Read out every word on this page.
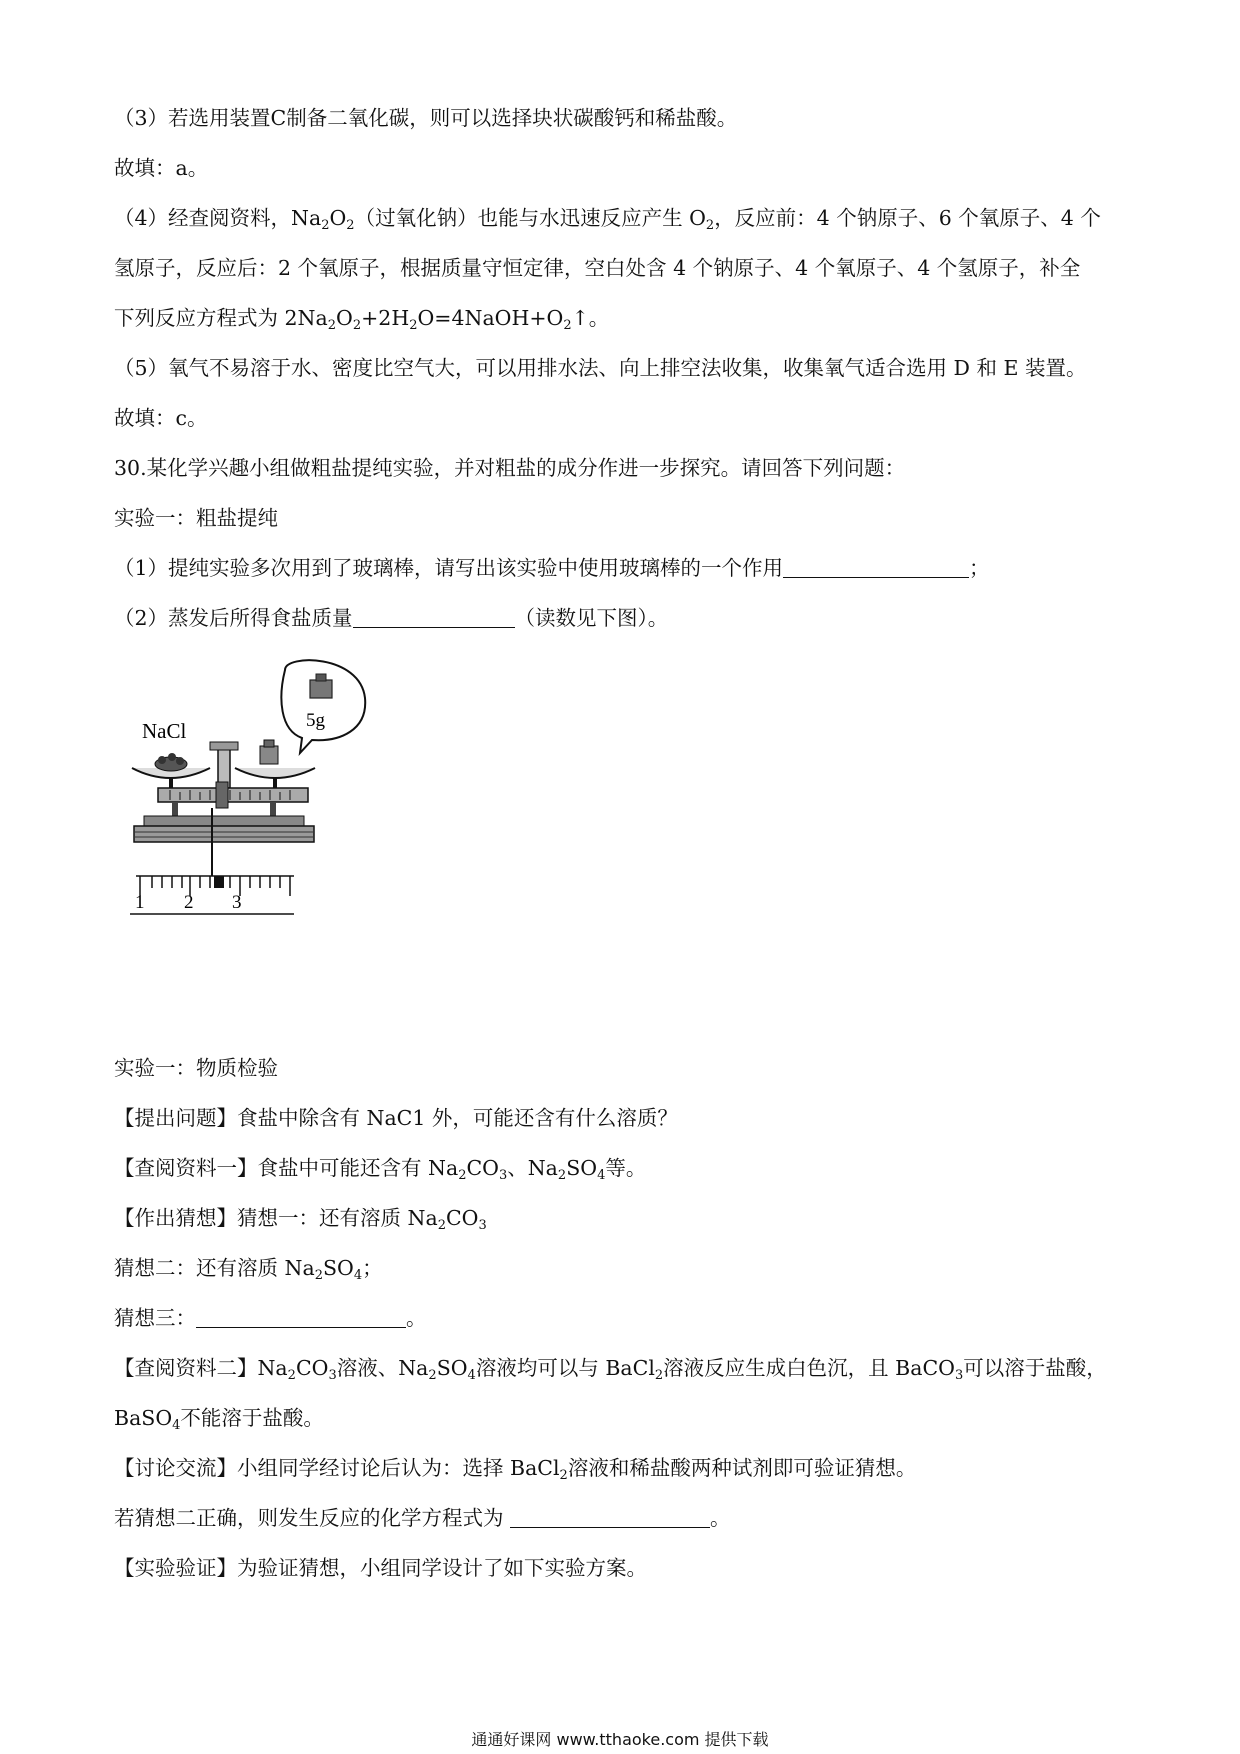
（3）若选用装置C制备二氧化碳，则可以选择块状碳酸钙和稀盐酸。
故填：a。
（4）经查阅资料，$Na_2O_2$（过氧化钠）也能与水迅速反应产生 $O_2$，反应前：4 个钠原子、6 个氧原子、4 个
氢原子，反应后：2 个氧原子，根据质量守恒定律，空白处含 4 个钠原子、4 个氧原子、4 个氢原子，补全
下列反应方程式为 $2Na_2O_2+2H_2O=4NaOH+O_2↑$。
（5）氧气不易溶于水、密度比空气大，可以用排水法、向上排空法收集，收集氧气适合选用 D 和 E 装置。
故填：c。
30.某化学兴趣小组做粗盐提纯实验，并对粗盐的成分作进一步探究。请回答下列问题：
实验一：粗盐提纯
（1）提纯实验多次用到了玻璃棒，请写出该实验中使用玻璃棒的一个作用	；
（2）蒸发后所得食盐质量	（读数见下图）。
5g
NaCl
1 2 3
实验一：物质检验
【提出问题】食盐中除含有 NaC1 外，可能还含有什么溶质？
【查阅资料一】食盐中可能还含有 $Na_2CO_3$、$Na_2SO_4$等。
【作出猜想】猜想一：还有溶质 $Na_2CO_3$
猜想二：还有溶质 $Na_2SO_4$；
猜想三：	。
【查阅资料二】$Na_2CO_3$溶液、$Na_2SO_4$溶液均可以与 BaCl$_2$溶液反应生成白色沉，且 BaCO$_3$可以溶于盐酸，
BaSO$_4$不能溶于盐酸。
【讨论交流】小组同学经讨论后认为：选择 BaCl$_2$溶液和稀盐酸两种试剂即可验证猜想。
若猜想二正确，则发生反应的化学方程式为	。
【实验验证】为验证猜想，小组同学设计了如下实验方案。
通通好课网 www.tthaoke.com 提供下载
